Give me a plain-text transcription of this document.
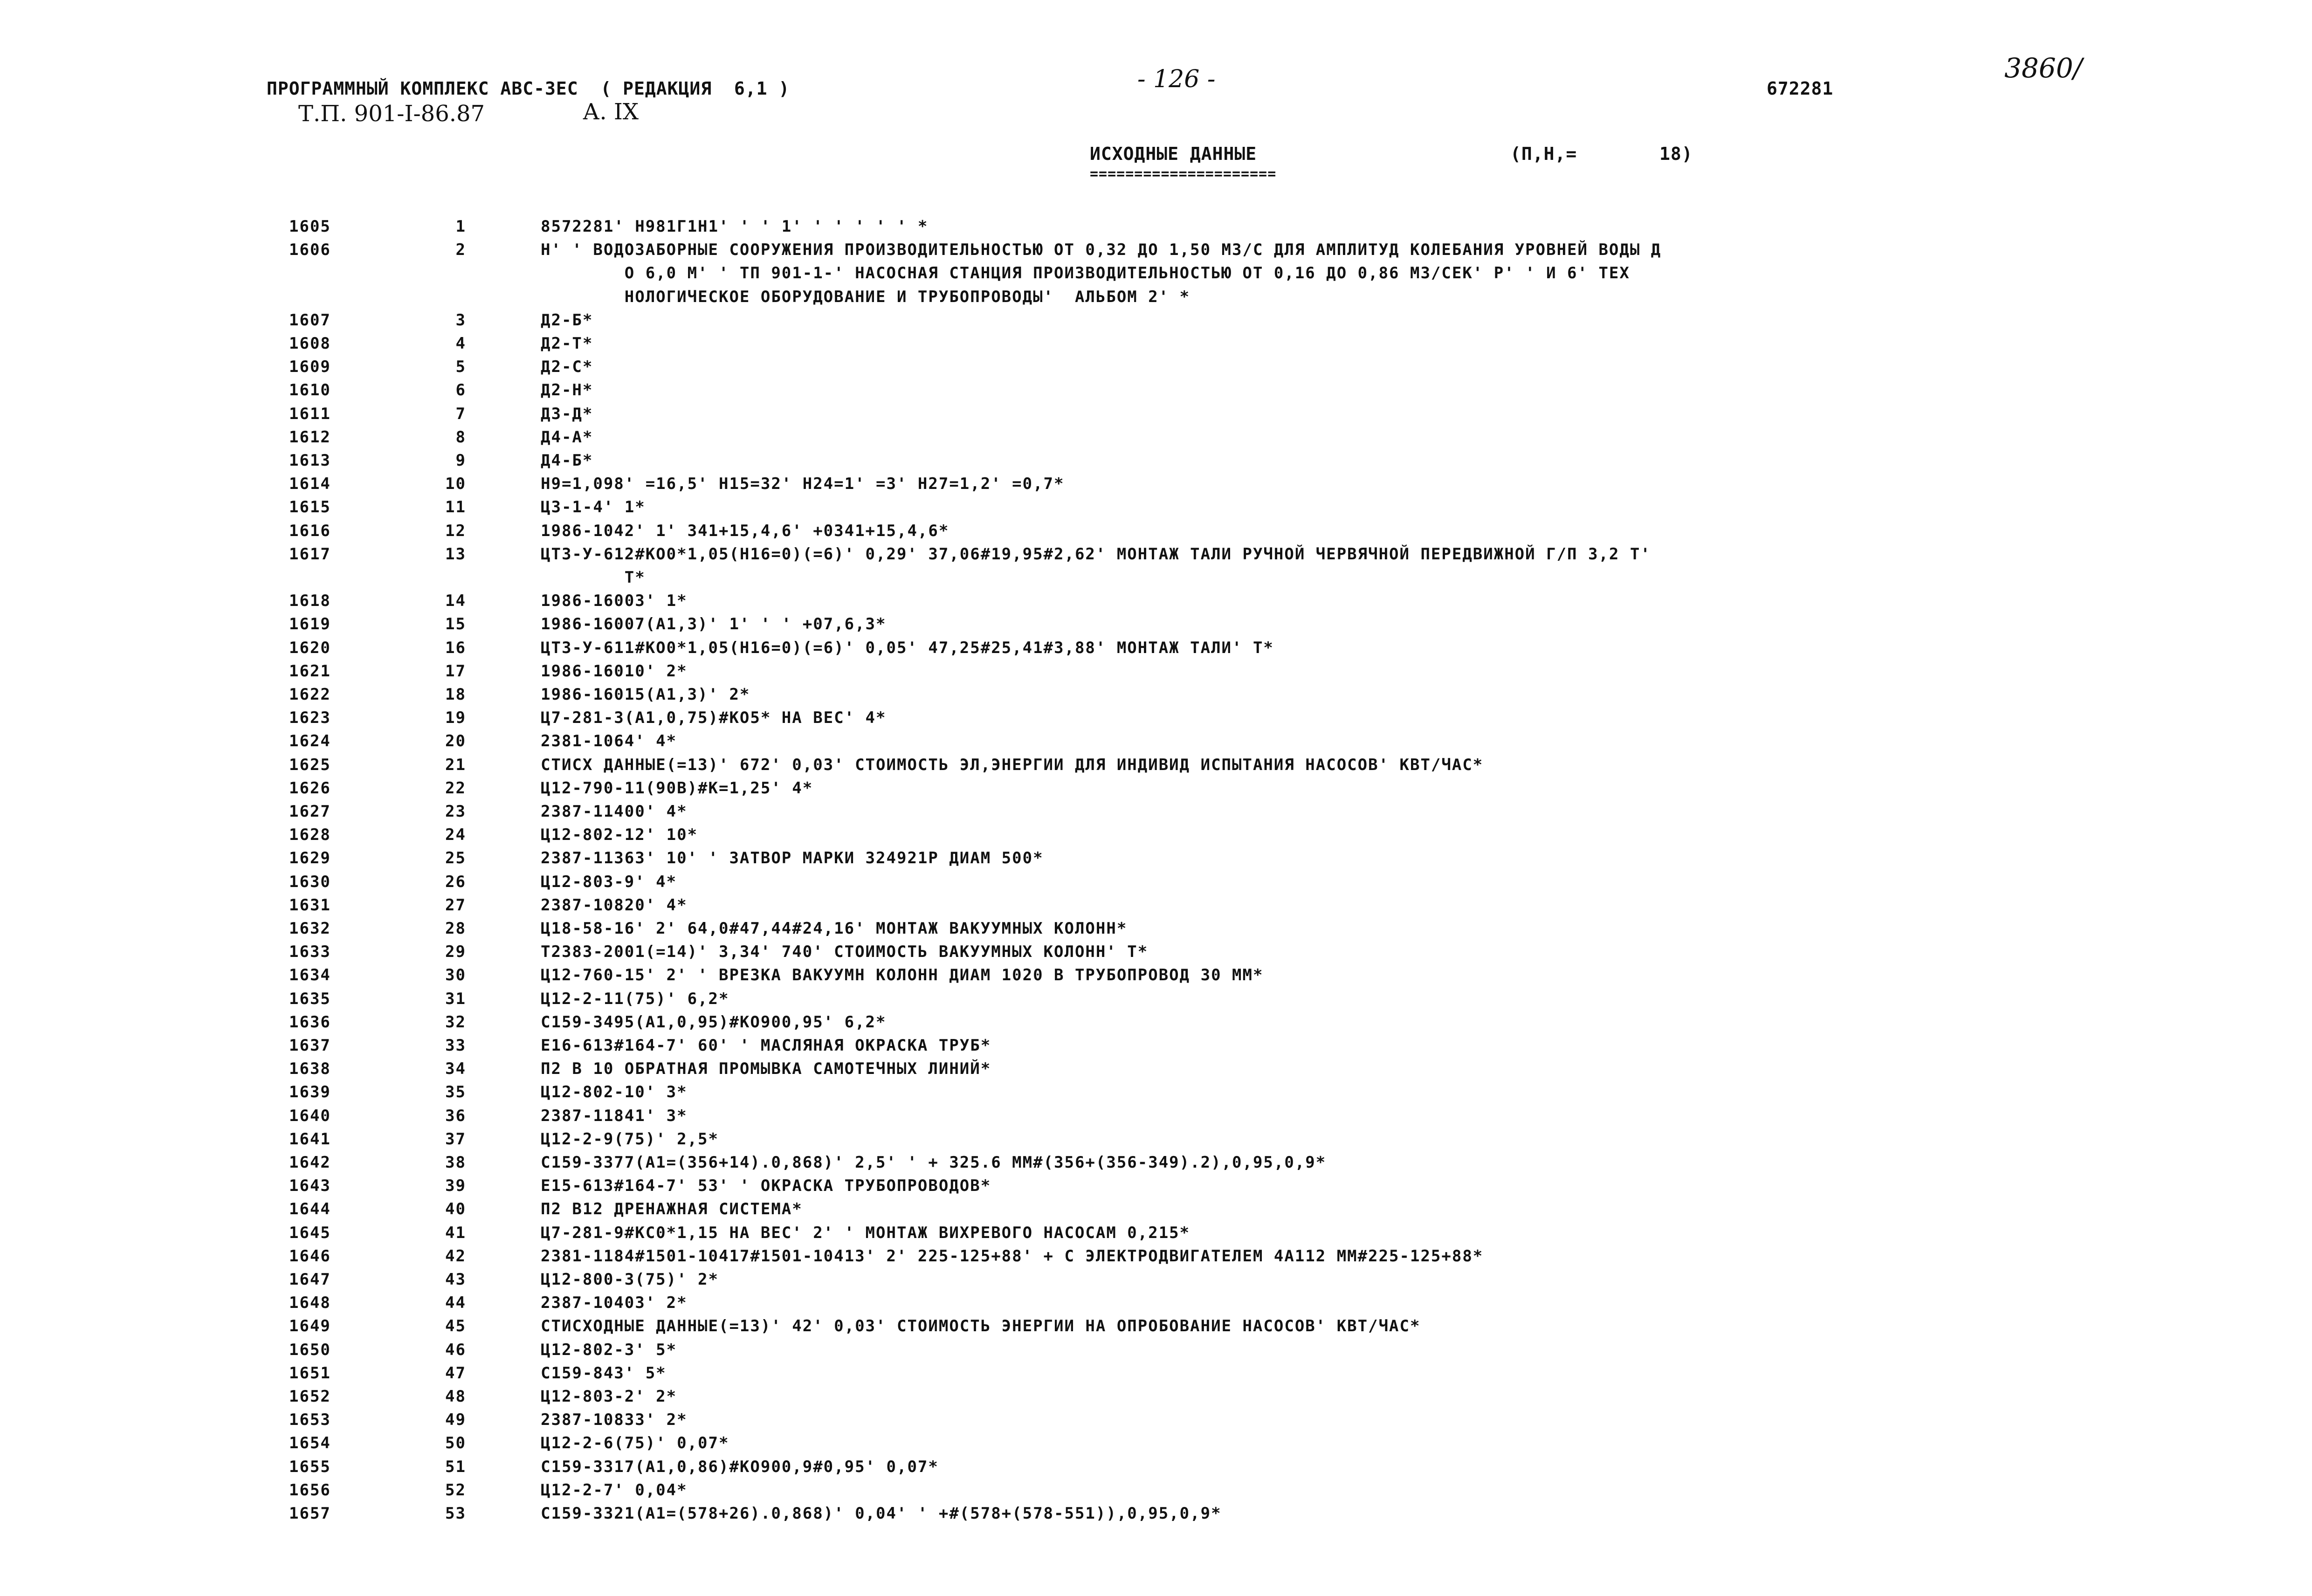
ПРОГРАММНЫЙ КОМПЛЕКС АВС-ЗЕС  ( РЕДАКЦИЯ  6,1 )	- 126 -	672281
3860/
Т.П. 901-I-86.87	А. IX
ИСХОДНЫЕ ДАННЫЕ	(П,Н,=	18)
=====================
1605	1	8572281' Н981Г1Н1' ' ' 1' ' ' ' ' ' *
1606	2	Н' ' ВОДОЗАБОРНЫЕ СООРУЖЕНИЯ ПРОИЗВОДИТЕЛЬНОСТЬЮ ОТ 0,32 ДО 1,50 М3/С ДЛЯ АМПЛИТУД КОЛЕБАНИЯ УРОВНЕЙ ВОДЫ Д
О 6,0 М' ' ТП 901-1-' НАСОСНАЯ СТАНЦИЯ ПРОИЗВОДИТЕЛЬНОСТЬЮ ОТ 0,16 ДО 0,86 М3/СЕК' Р' ' И 6' ТЕХ
НОЛОГИЧЕСКОЕ ОБОРУДОВАНИЕ И ТРУБОПРОВОДЫ'  АЛЬБОМ 2' *
1607	3	Д2-Б*
1608	4	Д2-Т*
1609	5	Д2-С*
1610	6	Д2-Н*
1611	7	Д3-Д*
1612	8	Д4-А*
1613	9	Д4-Б*
1614	10	Н9=1,098' =16,5' Н15=32' Н24=1' =3' Н27=1,2' =0,7*
1615	11	Ц3-1-4' 1*
1616	12	1986-1042' 1' 341+15,4,6' +0341+15,4,6*
1617	13	ЦТЗ-У-612#КО0*1,05(Н16=0)(=6)' 0,29' 37,06#19,95#2,62' МОНТАЖ ТАЛИ РУЧНОЙ ЧЕРВЯЧНОЙ ПЕРЕДВИЖНОЙ Г/П 3,2 Т'
Т*
1618	14	1986-16003' 1*
1619	15	1986-16007(А1,3)' 1' ' ' +07,6,3*
1620	16	ЦТЗ-У-611#КО0*1,05(Н16=0)(=6)' 0,05' 47,25#25,41#3,88' МОНТАЖ ТАЛИ' Т*
1621	17	1986-16010' 2*
1622	18	1986-16015(А1,3)' 2*
1623	19	Ц7-281-3(А1,0,75)#КО5* НА ВЕС' 4*
1624	20	2381-1064' 4*
1625	21	СТИСХ ДАННЫЕ(=13)' 672' 0,03' СТОИМОСТЬ ЭЛ,ЭНЕРГИИ ДЛЯ ИНДИВИД ИСПЫТАНИЯ НАСОСОВ' КВТ/ЧАС*
1626	22	Ц12-790-11(90В)#К=1,25' 4*
1627	23	2387-11400' 4*
1628	24	Ц12-802-12' 10*
1629	25	2387-11363' 10' ' ЗАТВОР МАРКИ 324921Р ДИАМ 500*
1630	26	Ц12-803-9' 4*
1631	27	2387-10820' 4*
1632	28	Ц18-58-16' 2' 64,0#47,44#24,16' МОНТАЖ ВАКУУМНЫХ КОЛОНН*
1633	29	Т2383-2001(=14)' 3,34' 740' СТОИМОСТЬ ВАКУУМНЫХ КОЛОНН' Т*
1634	30	Ц12-760-15' 2' ' ВРЕЗКА ВАКУУМН КОЛОНН ДИАМ 1020 В ТРУБОПРОВОД 30 ММ*
1635	31	Ц12-2-11(75)' 6,2*
1636	32	С159-3495(А1,0,95)#КО900,95' 6,2*
1637	33	Е16-613#164-7' 60' ' МАСЛЯНАЯ ОКРАСКА ТРУБ*
1638	34	П2 В 10 ОБРАТНАЯ ПРОМЫВКА САМОТЕЧНЫХ ЛИНИЙ*
1639	35	Ц12-802-10' 3*
1640	36	2387-11841' 3*
1641	37	Ц12-2-9(75)' 2,5*
1642	38	С159-3377(А1=(356+14).0,868)' 2,5' ' + 325.6 ММ#(356+(356-349).2),0,95,0,9*
1643	39	Е15-613#164-7' 53' ' ОКРАСКА ТРУБОПРОВОДОВ*
1644	40	П2 В12 ДРЕНАЖНАЯ СИСТЕМА*
1645	41	Ц7-281-9#КС0*1,15 НА ВЕС' 2' ' МОНТАЖ ВИХРЕВОГО НАСОСАМ 0,215*
1646	42	2381-1184#1501-10417#1501-10413' 2' 225-125+88' + С ЭЛЕКТРОДВИГАТЕЛЕМ 4А112 ММ#225-125+88*
1647	43	Ц12-800-3(75)' 2*
1648	44	2387-10403' 2*
1649	45	СТИСХОДНЫЕ ДАННЫЕ(=13)' 42' 0,03' СТОИМОСТЬ ЭНЕРГИИ НА ОПРОБОВАНИЕ НАСОСОВ' КВТ/ЧАС*
1650	46	Ц12-802-3' 5*
1651	47	С159-843' 5*
1652	48	Ц12-803-2' 2*
1653	49	2387-10833' 2*
1654	50	Ц12-2-6(75)' 0,07*
1655	51	С159-3317(А1,0,86)#КО900,9#0,95' 0,07*
1656	52	Ц12-2-7' 0,04*
1657	53	С159-3321(А1=(578+26).0,868)' 0,04' ' +#(578+(578-551)),0,95,0,9*
